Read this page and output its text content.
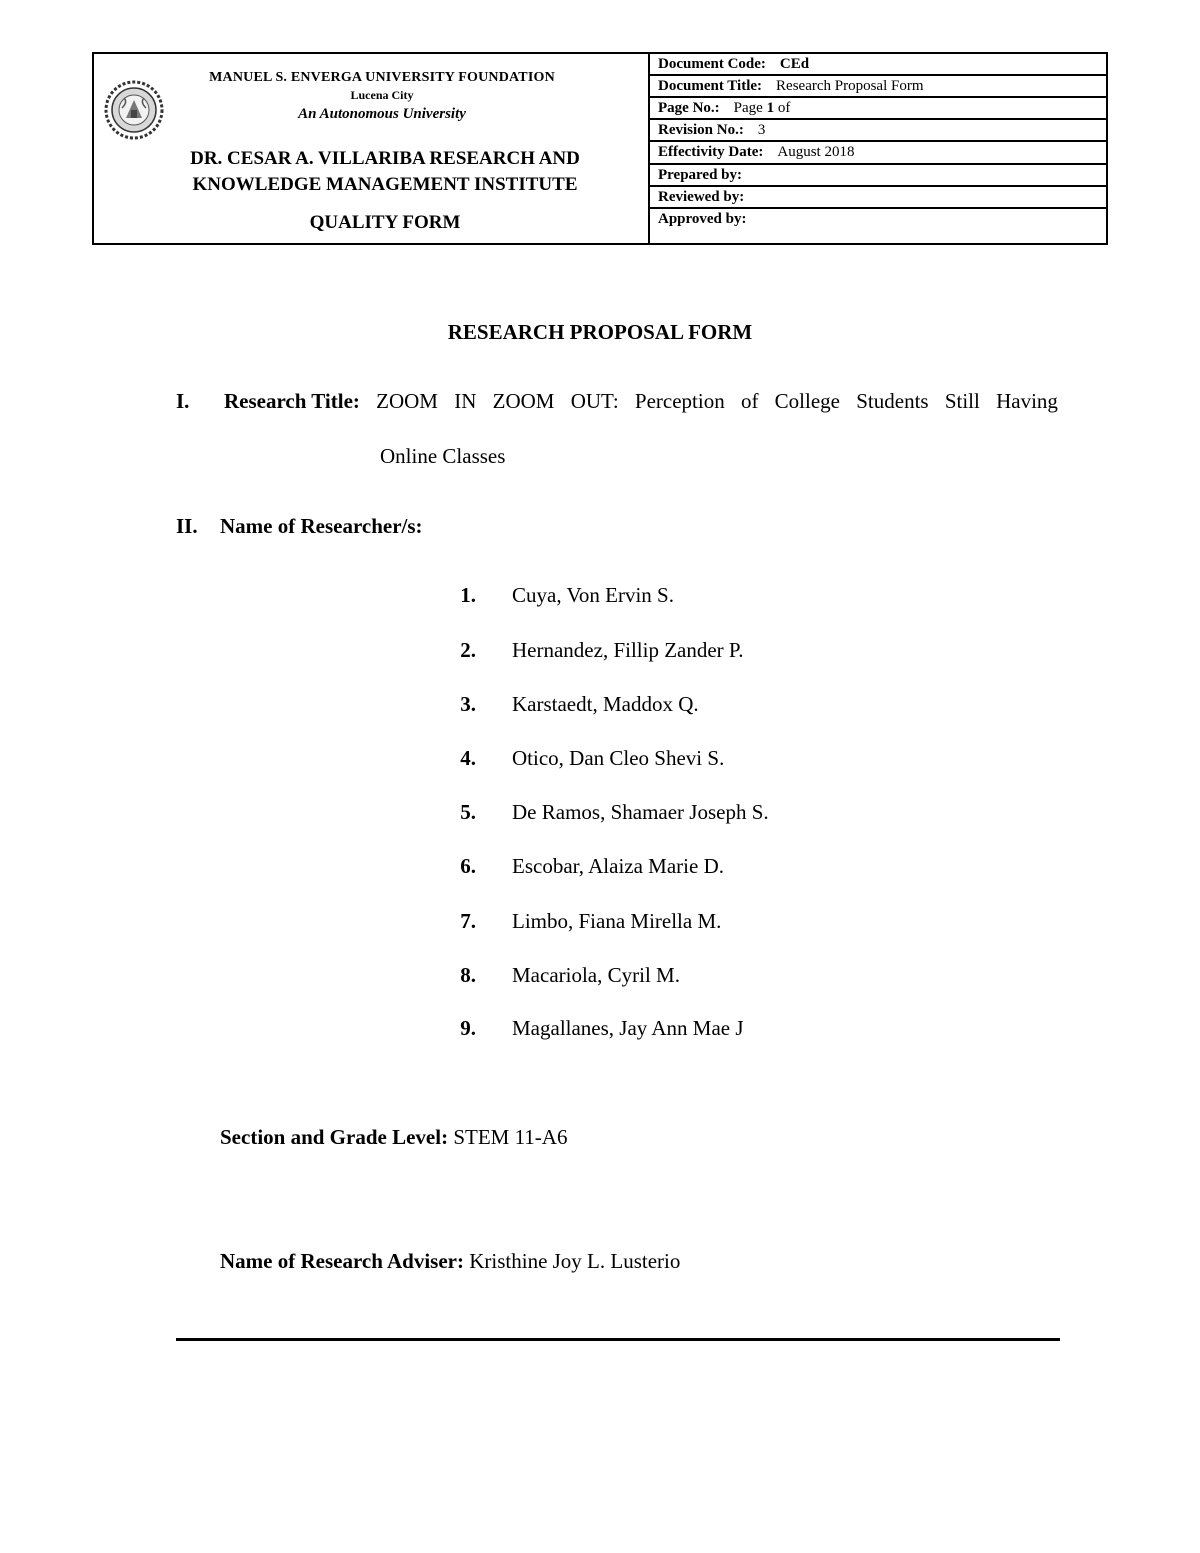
MANUEL S. ENVERGA UNIVERSITY FOUNDATION
Lucena City
An Autonomous University
DR. CESAR A. VILLARIBA RESEARCH AND
KNOWLEDGE MANAGEMENT INSTITUTE
QUALITY FORM
Document Code: CEd
Document Title: Research Proposal Form
Page No.: Page 1 of
Revision No.: 3
Effectivity Date: August 2018
Prepared by:
Reviewed by:
Approved by:
RESEARCH PROPOSAL FORM
I. Research Title: ZOOM IN ZOOM OUT: Perception of College Students Still Having
Online Classes
II. Name of Researcher/s:
1. Cuya, Von Ervin S.
2. Hernandez, Fillip Zander P.
3. Karstaedt, Maddox Q.
4. Otico, Dan Cleo Shevi S.
5. De Ramos, Shamaer Joseph S.
6. Escobar, Alaiza Marie D.
7. Limbo, Fiana Mirella M.
8. Macariola, Cyril M.
9. Magallanes, Jay Ann Mae J
Section and Grade Level: STEM 11-A6
Name of Research Adviser: Kristhine Joy L. Lusterio
